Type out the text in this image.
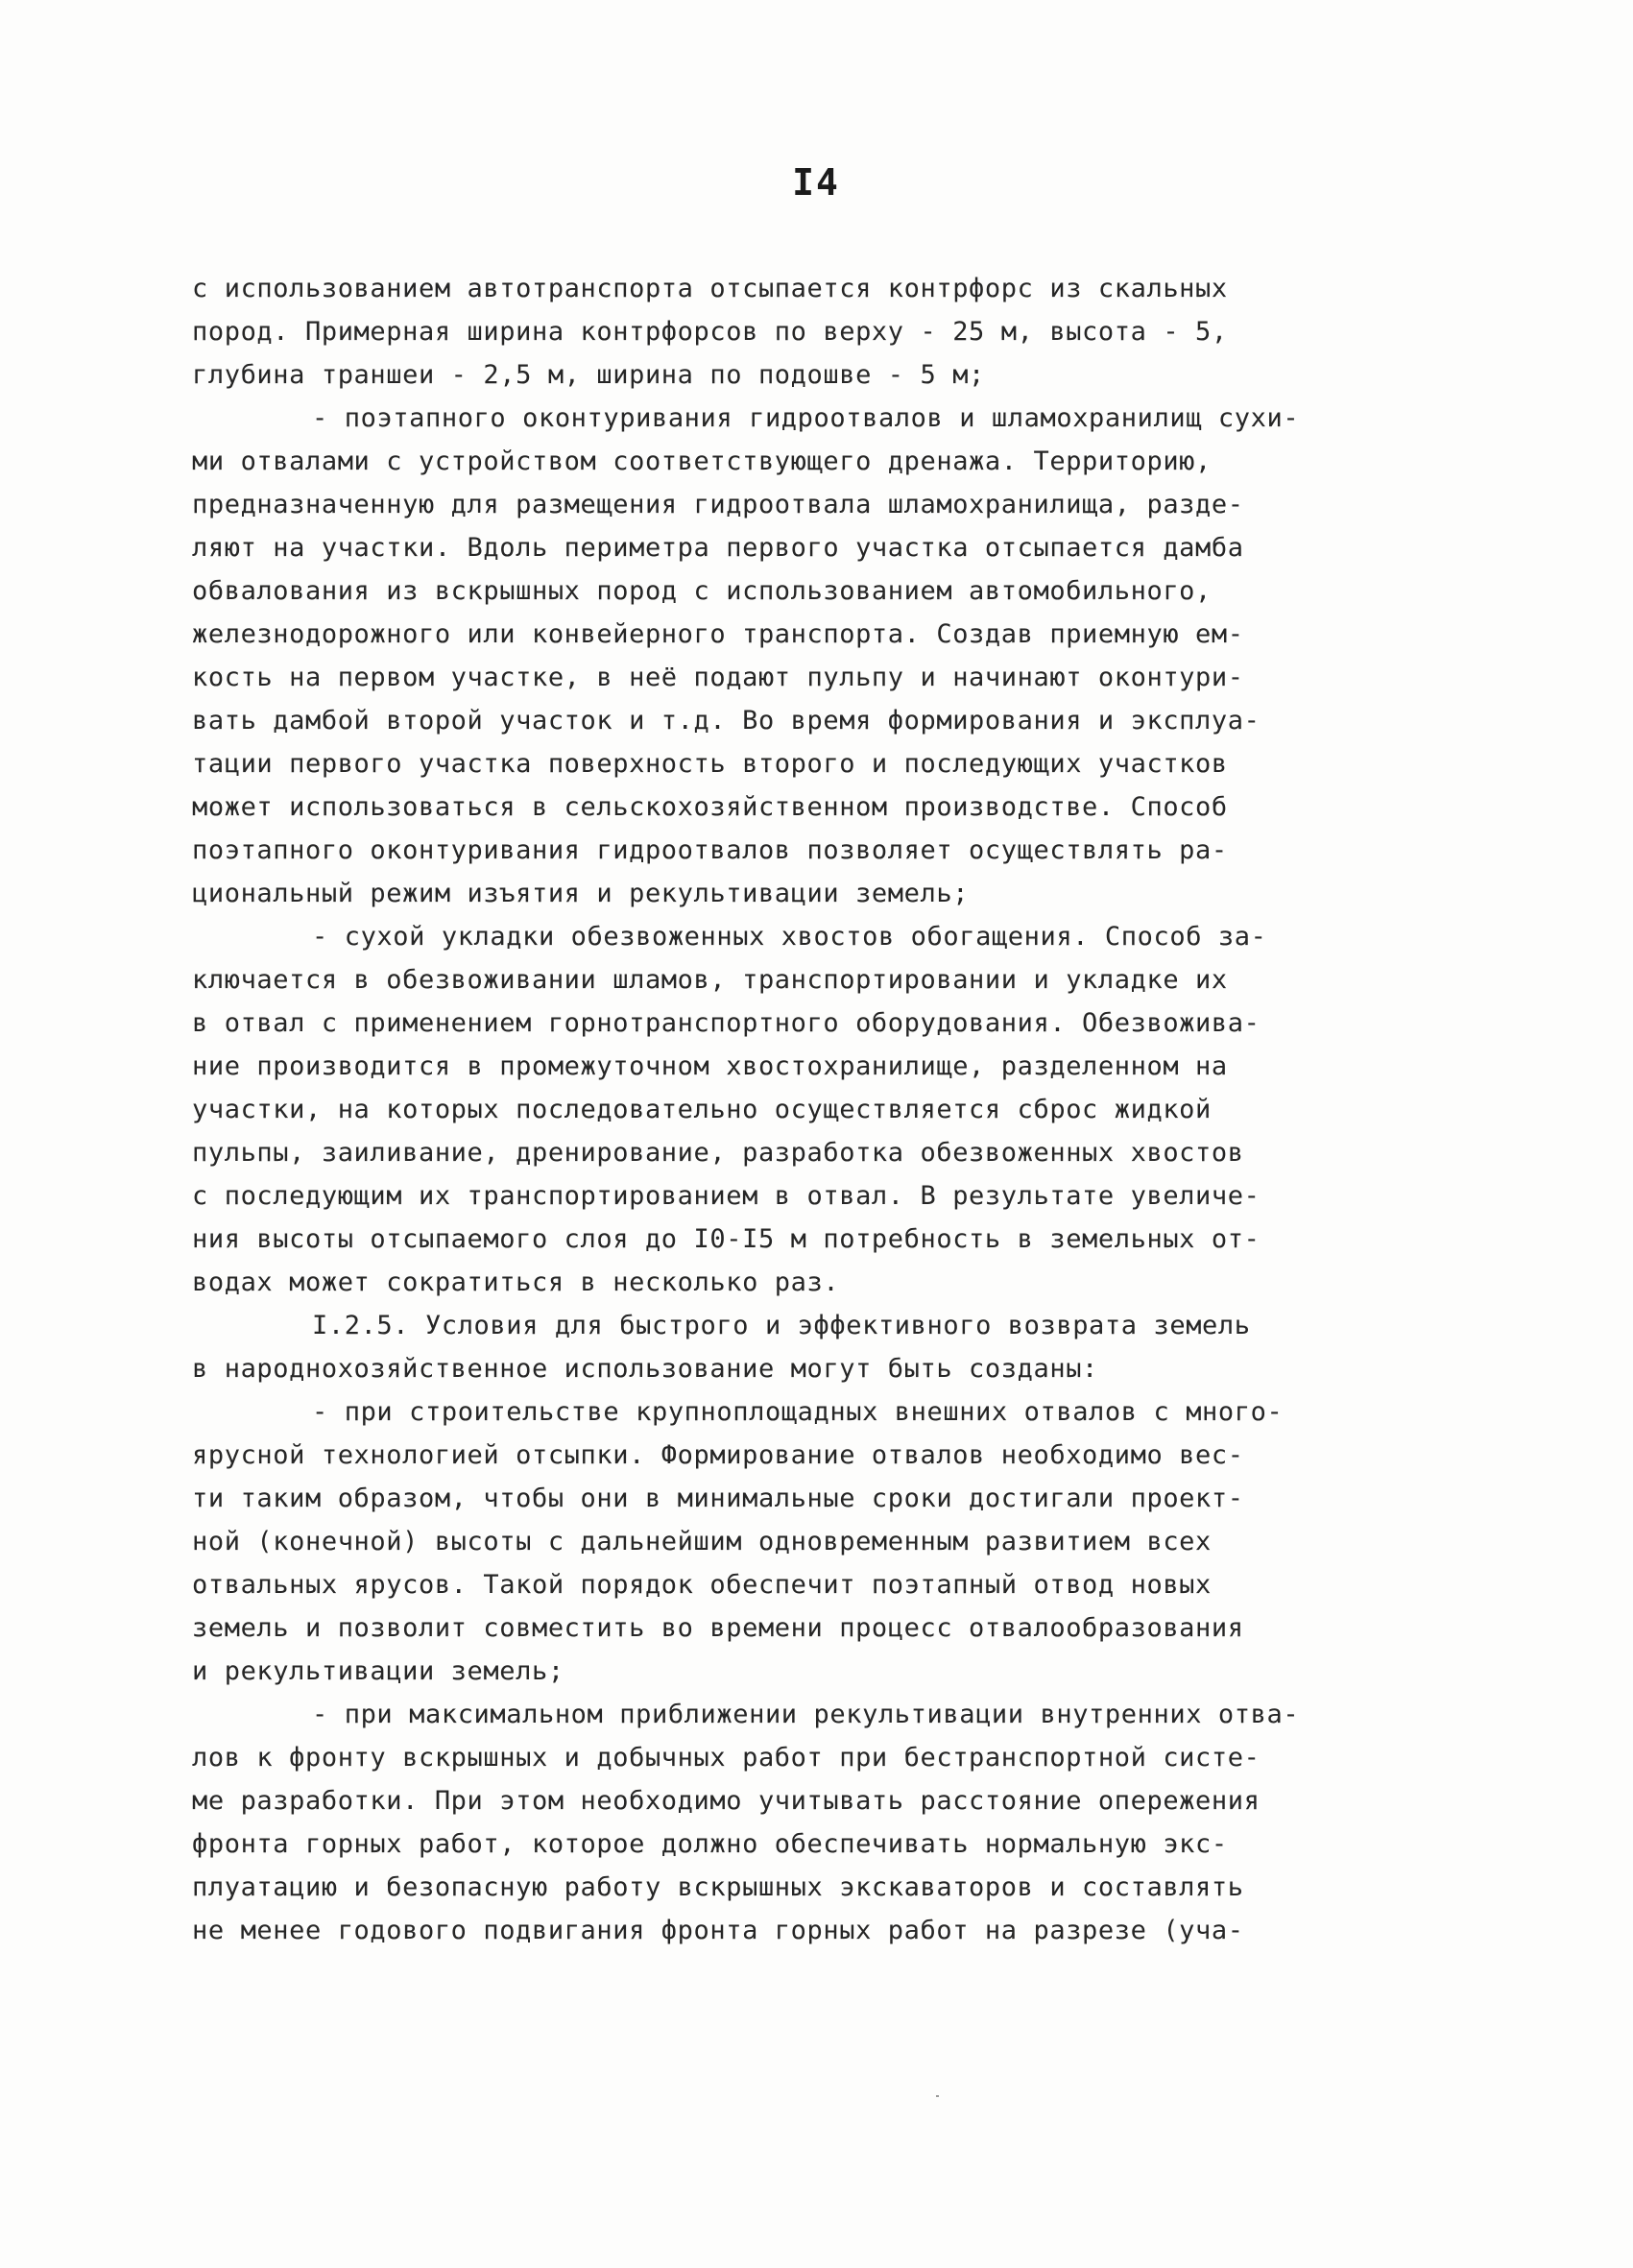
I4
с использованием автотранспорта отсыпается контрфорс из скальных
пород. Примерная ширина контрфорсов по верху - 25 м, высота - 5,
глубина траншеи - 2,5 м, ширина по подошве - 5 м;
- поэтапного оконтуривания гидроотвалов и шламохранилищ сухи-
ми отвалами с устройством соответствующего дренажа. Территорию,
предназначенную для размещения гидроотвала шламохранилища, разде-
ляют на участки. Вдоль периметра первого участка отсыпается дамба
обвалования из вскрышных пород с использованием автомобильного,
железнодорожного или конвейерного транспорта. Создав приемную ем-
кость на первом участке, в неё подают пульпу и начинают оконтури-
вать дамбой второй участок и т.д. Во время формирования и эксплуа-
тации первого участка поверхность второго и последующих участков
может использоваться в сельскохозяйственном производстве. Способ
поэтапного оконтуривания гидроотвалов позволяет осуществлять ра-
циональный режим изъятия и рекультивации земель;
- сухой укладки обезвоженных хвостов обогащения. Способ за-
ключается в обезвоживании шламов, транспортировании и укладке их
в отвал с применением горнотранспортного оборудования. Обезвожива-
ние производится в промежуточном хвостохранилище, разделенном на
участки, на которых последовательно осуществляется сброс жидкой
пульпы, заиливание, дренирование, разработка обезвоженных хвостов
с последующим их транспортированием в отвал. В результате увеличе-
ния высоты отсыпаемого слоя до I0-I5 м потребность в земельных от-
водах может сократиться в несколько раз.
I.2.5. Условия для быстрого и эффективного возврата земель
в народнохозяйственное использование могут быть созданы:
- при строительстве крупноплощадных внешних отвалов с много-
ярусной технологией отсыпки. Формирование отвалов необходимо вес-
ти таким образом, чтобы они в минимальные сроки достигали проект-
ной (конечной) высоты с дальнейшим одновременным развитием всех
отвальных ярусов. Такой порядок обеспечит поэтапный отвод новых
земель и позволит совместить во времени процесс отвалообразования
и рекультивации земель;
- при максимальном приближении рекультивации внутренних отва-
лов к фронту вскрышных и добычных работ при бестранспортной систе-
ме разработки. При этом необходимо учитывать расстояние опережения
фронта горных работ, которое должно обеспечивать нормальную экс-
плуатацию и безопасную работу вскрышных экскаваторов и составлять
не менее годового подвигания фронта горных работ на разрезе (уча-
